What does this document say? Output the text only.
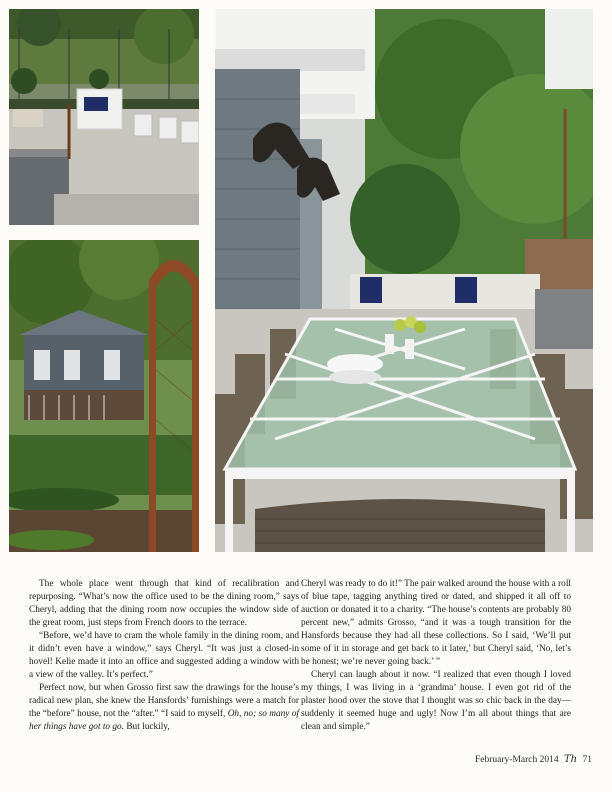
The whole place went through that kind of recalibration and repurposing. “What’s now the office used to be the dining room,” says Cheryl, adding that the dining room now occupies the window side of the great room, just steps from French doors to the terrace.

“Before, we’d have to cram the whole family in the dining room, and it didn’t even have a window,” says Cheryl. “It was just a closed-in hovel! Kelie made it into an office and suggested adding a window with a view of the valley. It’s perfect.”

Perfect now, but when Grosso first saw the drawings for the house’s radical new plan, she knew the Hansfords’ furnishings were a match for the “before” house, not the “after.” “I said to myself, Oh, no; so many of her things have got to go. But luckily,

Cheryl was ready to do it!” The pair walked around the house with a roll of blue tape, tagging anything tired or dated, and shipped it all off to auction or donated it to a charity. “The house’s contents are probably 80 percent new,” admits Grosso, “and it was a tough transition for the Hansfords because they had all these collections. So I said, ‘We’ll put some of it in storage and get back to it later,’ but Cheryl said, ‘No, let’s be honest; we’re never going back.’ ”

Cheryl can laugh about it now. “I realized that even though I loved my things, I was living in a ‘grandma’ house. I even got rid of the plaster hood over the stove that I thought was so chic back in the day—suddenly it seemed huge and ugly! Now I’m all about things that are clean and simple.”

February-March 2014 Th 71
